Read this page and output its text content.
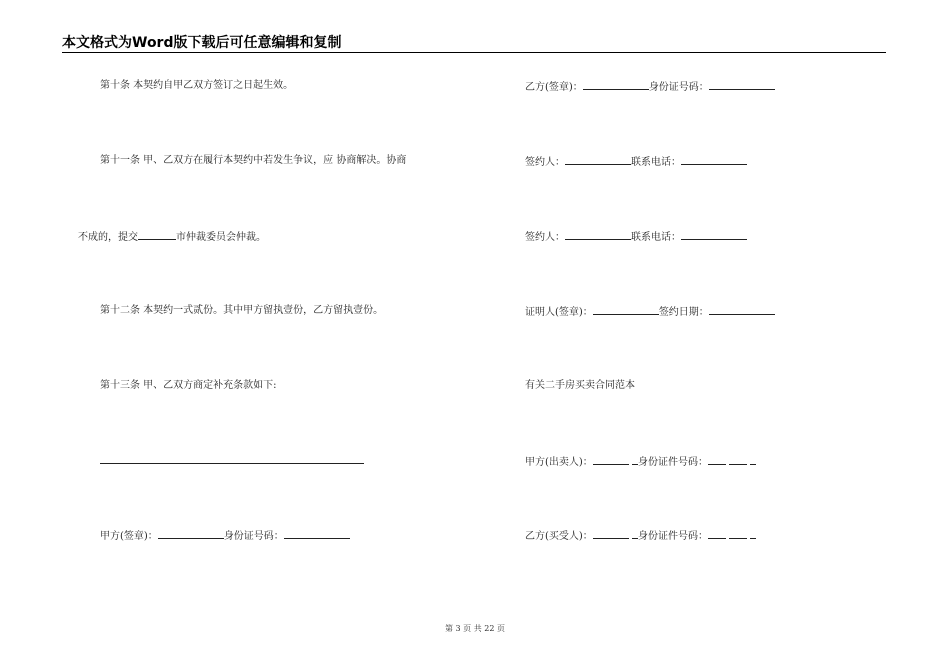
本文格式为Word版下载后可任意编辑和复制
第十条 本契约自甲乙双方签订之日起生效。
第十一条 甲、乙双方在履行本契约中若发生争议，应 协商解决。协商
不成的，提交	市仲裁委员会仲裁。
第十二条 本契约一式贰份。其中甲方留执壹份，乙方留执壹份。
第十三条 甲、乙双方商定补充条款如下:
甲方(签章)：	身份证号码：
乙方(签章)：	身份证号码：
签约人：	联系电话：
签约人：	联系电话：
证明人(签章)：	签约日期：
有关二手房买卖合同范本
甲方(出卖人)：	身份证件号码：
乙方(买受人)：	身份证件号码：
第 3 页 共 22 页
